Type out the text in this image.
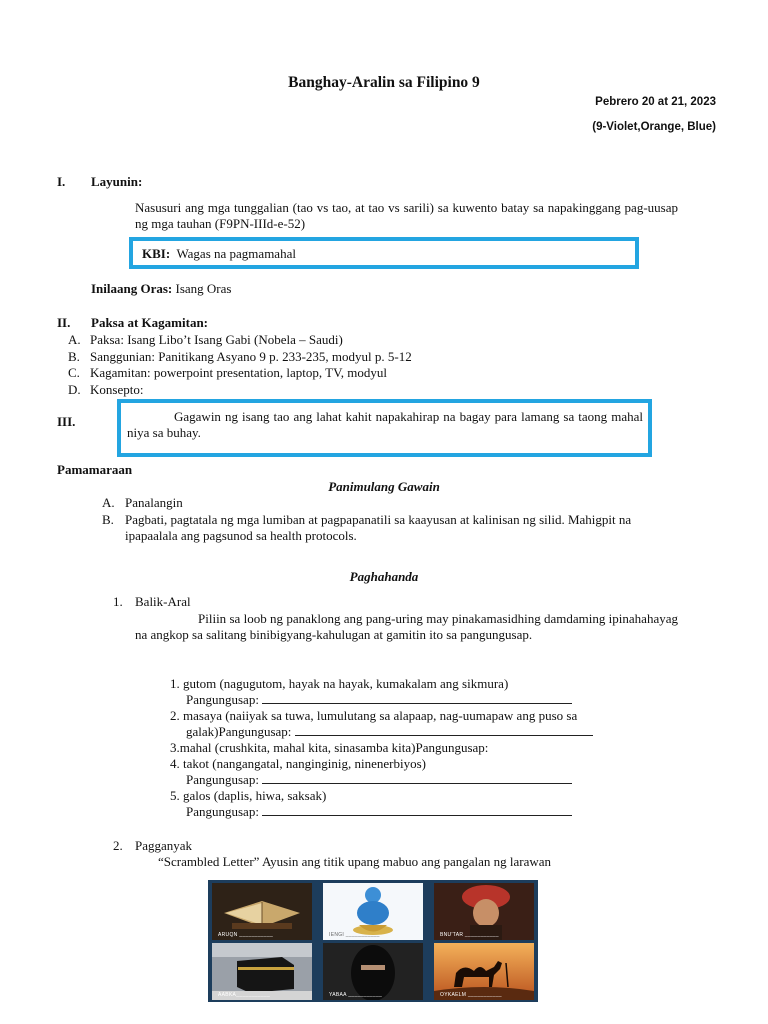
Banghay-Aralin sa Filipino 9
Pebrero 20 at 21, 2023
(9-Violet,Orange, Blue)
I. Layunin:
Nasusuri ang mga tunggalian (tao vs tao, at tao vs sarili) sa kuwento batay sa napakinggang pag-uusap ng mga tauhan (F9PN-IIId-e-52)
KBI: Wagas na pagmamahal
Inilaang Oras: Isang Oras
II. Paksa at Kagamitan:
A. Paksa: Isang Libo’t Isang Gabi (Nobela – Saudi)
B. Sanggunian: Panitikang Asyano 9 p. 233-235, modyul p. 5-12
C. Kagamitan: powerpoint presentation, laptop, TV, modyul
D. Konsepto:
III.	Gagawin ng isang tao ang lahat kahit napakahirap na bagay para lamang sa taong mahal niya sa buhay.
Pamamaraan
Panimulang Gawain
A. Panalangin
B. Pagbati, pagtatala ng mga lumiban at pagpapanatili sa kaayusan at kalinisan ng silid. Mahigpit na ipapaalala ang pagsunod sa health protocols.
Paghahanda
1. Balik-Aral
Piliin sa loob ng panaklong ang pang-uring may pinakamasidhing damdaming ipinahahayag na angkop sa salitang binibigyang-kahulugan at gamitin ito sa pangungusap.
1. gutom (nagugutom, hayak na hayak, kumakalam ang sikmura)
Pangungusap:
2. masaya (naiiyak sa tuwa, lumulutang sa alapaap, nag-uumapaw ang puso sa
galak)Pangungusap:
3.mahal (crushkita, mahal kita, sinasamba kita)Pangungusap:
4. takot (nangangatal, nanginginig, ninenerbiyos)
Pangungusap:
5. galos (daplis, hiwa, saksak)
Pangungusap:
2. Pagganyak
“Scrambled Letter” Ayusin ang titik upang mabuo ang pangalan ng larawan
ARUQN ___________	IENGI ___________	BNU'TAR ___________
AABKA___________	YABAA ___________	OYKAELM ___________
